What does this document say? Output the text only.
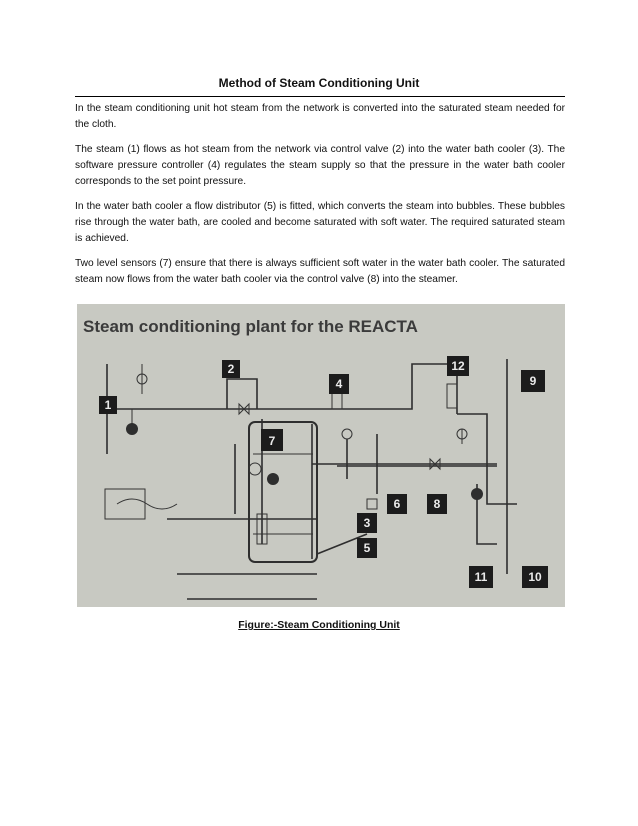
Method of Steam Conditioning Unit

In the steam conditioning unit hot steam from the network is converted into the saturated steam needed for the cloth.

The steam (1) flows as hot steam from the network via control valve (2) into the water bath cooler (3). The software pressure controller (4) regulates the steam supply so that the pressure in the water bath cooler corresponds to the set point pressure.

In the water bath cooler a flow distributor (5) is fitted, which converts the steam into bubbles. These bubbles rise through the water bath, are cooled and become saturated with soft water. The required saturated steam is achieved.

Two level sensors (7) ensure that there is always sufficient soft water in the water bath cooler. The saturated steam now flows from the water bath cooler via the control valve (8) into the steamer.

Steam conditioning plant for the REACTA
1
2
4
7
12
9
6	8
3
5
11	10
Figure:-Steam Conditioning Unit
